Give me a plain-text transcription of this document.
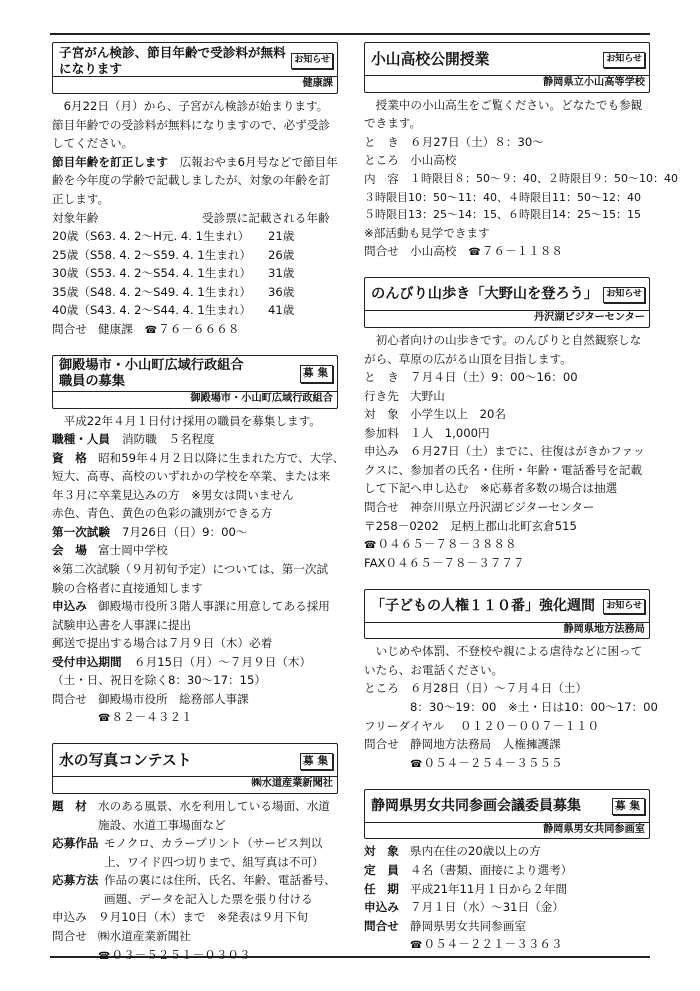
子宮がん検診、節目年齢で受診料が無料になります
お知らせ
健康課
6月22日（月）から、子宮がん検診が始まります。節目年齢での受診料が無料になりますので、必ず受診してください。
節目年齢を訂正します 広報おやま6月号などで節目年齢を今年度の学齢で記載しましたが、対象の年齢を訂正します。
対象年齢	受診票に記載される年齢
20歳（S63. 4. 2～H元. 4. 1生まれ）	21歳
25歳（S58. 4. 2～S59. 4. 1生まれ）	26歳
30歳（S53. 4. 2～S54. 4. 1生まれ）	31歳
35歳（S48. 4. 2～S49. 4. 1生まれ）	36歳
40歳（S43. 4. 2～S44. 4. 1生まれ）	41歳
問合せ 健康課	☎ ７６－６６６８
御殿場市・小山町広域行政組合
職員の募集
募集
御殿場市・小山町広域行政組合
平成22年４月１日付け採用の職員を募集します。
職種・人員	消防職　５名程度
資　格 昭和59年４月２日以降に生まれた方で、大学、
短大、高専、高校のいずれかの学校を卒業、または来
年３月に卒業見込みの方　※男女は問いません
赤色、青色、黄色の色彩の識別ができる方
第一次試験	7月26日（日）9：00～
会　場 富士岡中学校
※第二次試験（９月初旬予定）については、第一次試
験の合格者に直接通知します
申込み 御殿場市役所３階人事課に用意してある採用
試験申込書を人事課に提出
郵送で提出する場合は７月９日（木）必着
受付申込期間	６月15日（月）～７月９日（木）
（土・日、祝日を除く8：30～17：15）
問合せ 御殿場市役所　総務部人事課
☎ ８２－４３２１
水の写真コンテスト	募集
㈱水道産業新聞社
題　材 水のある風景、水を利用している場面、水道
施設、水道工事場面など
応募作品 モノクロ、カラープリント（サービス判以
上、ワイド四つ切りまで、組写真は不可）
応募方法 作品の裏には住所、氏名、年齢、電話番号、
画題、データを記入した票を張り付ける
申込み ９月10日（木）まで　※発表は９月下旬
問合せ ㈱水道産業新聞社
☎ ０３－５２５１－０３０３
小山高校公開授業	お知らせ
静岡県立小山高等学校
授業中の小山高生をご覧ください。どなたでも参観できます。
と　き ６月27日（土）８：30～
ところ 小山高校
内　容	１時限目８：50～９：40、２時限目９：50～10：40
３時限目10：50～11：40、４時限目11：50～12：40
５時限目13：25～14：15、６時限目14：25～15：15
※部活動も見学できます
問合せ 小山高校	☎ ７６－１１８８
のんびり山歩き「大野山を登ろう」 お知らせ
丹沢湖ビジターセンター
初心者向けの山歩きです。のんびりと自然観察しながら、草原の広がる山頂を目指します。
と　き ７月４日（土）9：00～16：00
行き先 大野山
対　象 小学生以上　20名
参加料 １人　1,000円
申込み ６月27日（土）までに、往復はがきかファッ
クスに、参加者の氏名・住所・年齢・電話番号を記載
して下記へ申し込む　※応募者多数の場合は抽選
問合せ 神奈川県立丹沢湖ビジターセンター
〒258－0202　足柄上郡山北町玄倉515
☎ ０４６５－７８－３８８８
FAX０４６５－７８－３７７７
「子どもの人権１１０番」強化週間	お知らせ
静岡県地方法務局
いじめや体罰、不登校や親による虐待などに困っていたら、お電話ください。
ところ ６月28日（日）～７月４日（土）
8：30～19：00　※土・日は10：00～17：00
フリーダイヤル	０１２０－００７－１１０
問合せ 静岡地方法務局　人権擁護課
☎ ０５４－２５４－３５５５
静岡県男女共同参画会議委員募集	募集
静岡県男女共同参画室
対　象 県内在住の20歳以上の方
定　員 ４名（書類、面接により選考）
任　期 平成21年11月１日から２年間
申込み ７月１日（水）～31日（金）
問合せ 静岡県男女共同参画室
☎ ０５４－２２１－３３６３
